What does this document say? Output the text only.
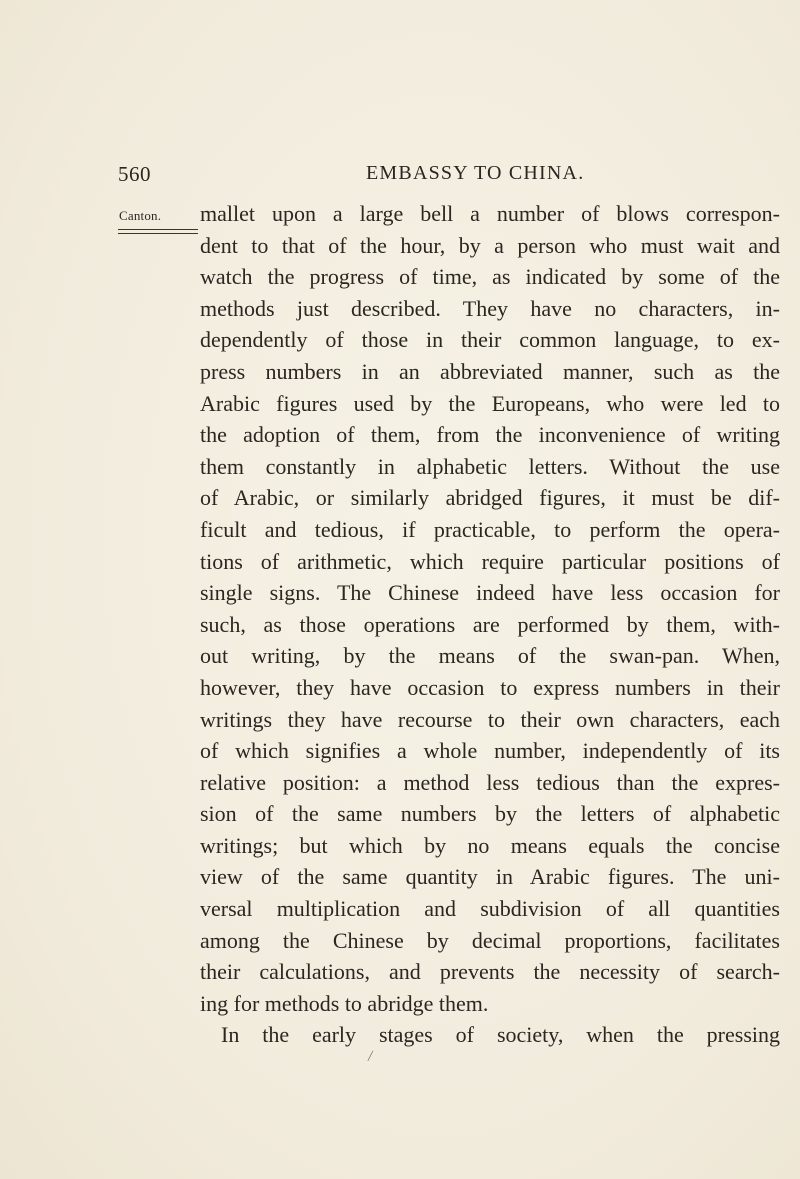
560	EMBASSY TO CHINA.
Canton. mallet upon a large bell a number of blows correspon-
dent to that of the hour, by a person who must wait and
watch the progress of time, as indicated by some of the
methods just described. They have no characters, in-
dependently of those in their common language, to ex-
press numbers in an abbreviated manner, such as the
Arabic figures used by the Europeans, who were led to
the adoption of them, from the inconvenience of writing
them constantly in alphabetic letters. Without the use
of Arabic, or similarly abridged figures, it must be dif-
ficult and tedious, if practicable, to perform the opera-
tions of arithmetic, which require particular positions of
single signs. The Chinese indeed have less occasion for
such, as those operations are performed by them, with-
out writing, by the means of the swan-pan. When,
however, they have occasion to express numbers in their
writings they have recourse to their own characters, each
of which signifies a whole number, independently of its
relative position: a method less tedious than the expres-
sion of the same numbers by the letters of alphabetic
writings; but which by no means equals the concise
view of the same quantity in Arabic figures. The uni-
versal multiplication and subdivision of all quantities
among the Chinese by decimal proportions, facilitates
their calculations, and prevents the necessity of search-
ing for methods to abridge them.
In the early stages of society, when the pressing

/
